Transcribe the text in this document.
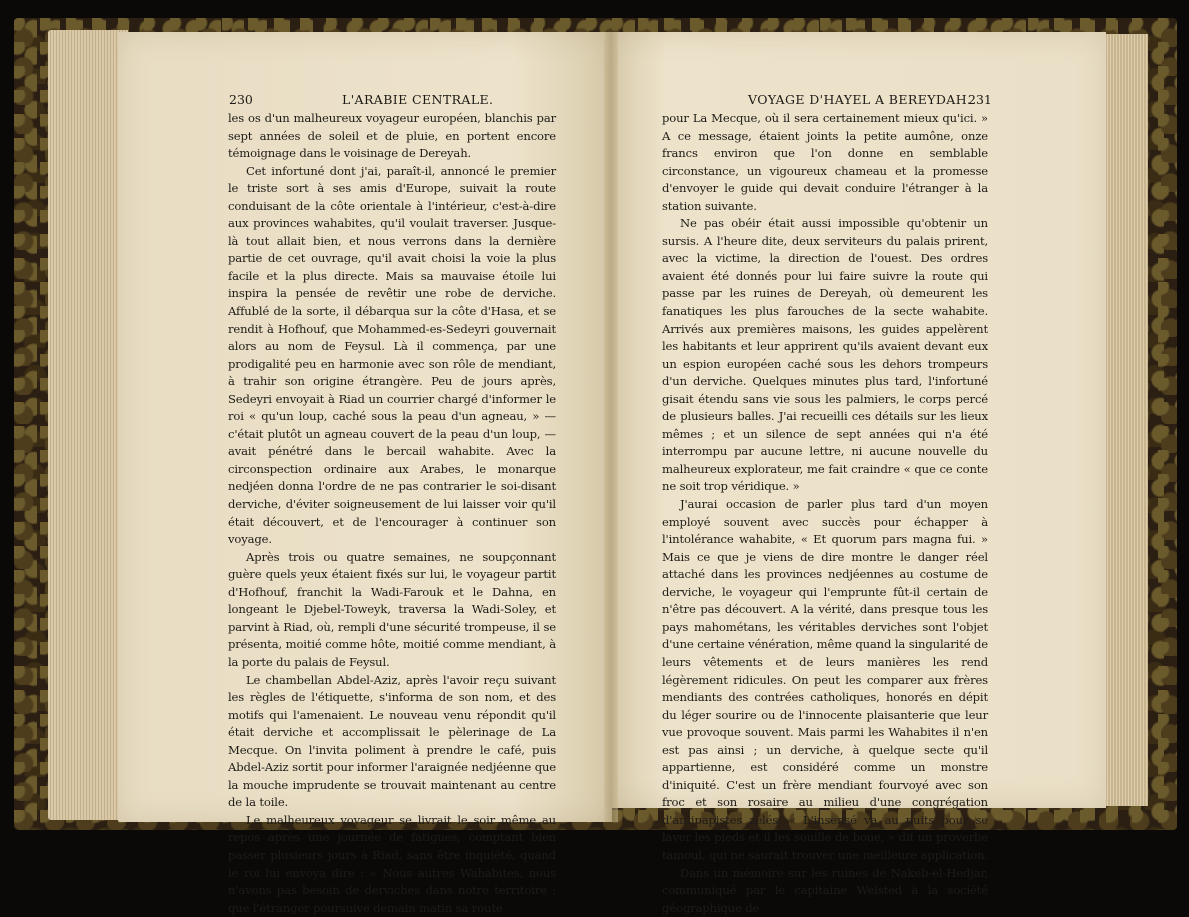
230	L'ARABIE CENTRALE.

les os d'un malheureux voyageur européen, blanchis par sept années de soleil et de pluie, en portent encore témoignage dans le voisinage de Dereyah.

Cet infortuné dont j'ai, paraît-il, annoncé le premier le triste sort à ses amis d'Europe, suivait la route conduisant de la côte orientale à l'intérieur, c'est-à-dire aux provinces wahabites, qu'il voulait traverser. Jusque-là tout allait bien, et nous verrons dans la dernière partie de cet ouvrage, qu'il avait choisi la voie la plus facile et la plus directe. Mais sa mauvaise étoile lui inspira la pensée de revêtir une robe de derviche. Affublé de la sorte, il débarqua sur la côte d'Hasa, et se rendit à Hofhouf, que Mohammed-es-Sedeyri gouvernait alors au nom de Feysul. Là il commença, par une prodigalité peu en harmonie avec son rôle de mendiant, à trahir son origine étrangère. Peu de jours après, Sedeyri envoyait à Riad un courrier chargé d'informer le roi « qu'un loup, caché sous la peau d'un agneau, » — c'était plutôt un agneau couvert de la peau d'un loup, — avait pénétré dans le bercail wahabite. Avec la circonspection ordinaire aux Arabes, le monarque nedjéen donna l'ordre de ne pas contrarier le soi-disant derviche, d'éviter soigneusement de lui laisser voir qu'il était découvert, et de l'encourager à continuer son voyage.

Après trois ou quatre semaines, ne soupçonnant guère quels yeux étaient fixés sur lui, le voyageur partit d'Hofhouf, franchit la Wadi-Farouk et le Dahna, en longeant le Djebel-Toweyk, traversa la Wadi-Soley, et parvint à Riad, où, rempli d'une sécurité trompeuse, il se présenta, moitié comme hôte, moitié comme mendiant, à la porte du palais de Feysul.

Le chambellan Abdel-Aziz, après l'avoir reçu suivant les règles de l'étiquette, s'informa de son nom, et des motifs qui l'amenaient. Le nouveau venu répondit qu'il était derviche et accomplissait le pèlerinage de La Mecque. On l'invita poliment à prendre le café, puis Abdel-Aziz sortit pour informer l'araignée nedjéenne que la mouche imprudente se trouvait maintenant au centre de la toile.

Le malheureux voyageur se livrait le soir même au repos après une journée de fatigues, comptant bien passer plusieurs jours à Riad, sans être inquiété, quand le roi lui envoya dire : « Nous autres Wahabites, nous n'avons pas besoin de derviches dans notre territoire ; que l'étranger poursuive demain matin sa route

VOYAGE D'HAYEL A BEREYDAH.
231

pour La Mecque, où il sera certainement mieux qu'ici. » A ce message, étaient joints la petite aumône, onze francs environ que l'on donne en semblable circonstance, un vigoureux chameau et la promesse d'envoyer le guide qui devait conduire l'étranger à la station suivante.

Ne pas obéir était aussi impossible qu'obtenir un sursis. A l'heure dite, deux serviteurs du palais prirent, avec la victime, la direction de l'ouest. Des ordres avaient été donnés pour lui faire suivre la route qui passe par les ruines de Dereyah, où demeurent les fanatiques les plus farouches de la secte wahabite. Arrivés aux premières maisons, les guides appelèrent les habitants et leur apprirent qu'ils avaient devant eux un espion européen caché sous les dehors trompeurs d'un derviche. Quelques minutes plus tard, l'infortuné gisait étendu sans vie sous les palmiers, le corps percé de plusieurs balles. J'ai recueilli ces détails sur les lieux mêmes ; et un silence de sept années qui n'a été interrompu par aucune lettre, ni aucune nouvelle du malheureux explorateur, me fait craindre « que ce conte ne soit trop véridique. »

J'aurai occasion de parler plus tard d'un moyen employé souvent avec succès pour échapper à l'intolérance wahabite, « Et quorum pars magna fui. » Mais ce que je viens de dire montre le danger réel attaché dans les provinces nedjéennes au costume de derviche, le voyageur qui l'emprunte fût-il certain de n'être pas découvert. A la vérité, dans presque tous les pays mahométans, les véritables derviches sont l'objet d'une certaine vénération, même quand la singularité de leurs vêtements et de leurs manières les rend légèrement ridicules. On peut les comparer aux frères mendiants des contrées catholiques, honorés en dépit du léger sourire ou de l'innocente plaisanterie que leur vue provoque souvent. Mais parmi les Wahabites il n'en est pas ainsi ; un derviche, à quelque secte qu'il appartienne, est considéré comme un monstre d'iniquité. C'est un frère mendiant fourvoyé avec son froc et son rosaire au milieu d'une congrégation d'antipapistes zélés. « L'insensé va au puits pour se laver les pieds et il les souille de boue, » dit un proverbe tamoul, qui ne saurait trouver une meilleure application.

Dans un mémoire sur les ruines de Nakeb-el-Hedjar, communiqué par le capitaine Welsted à la société géographique de
